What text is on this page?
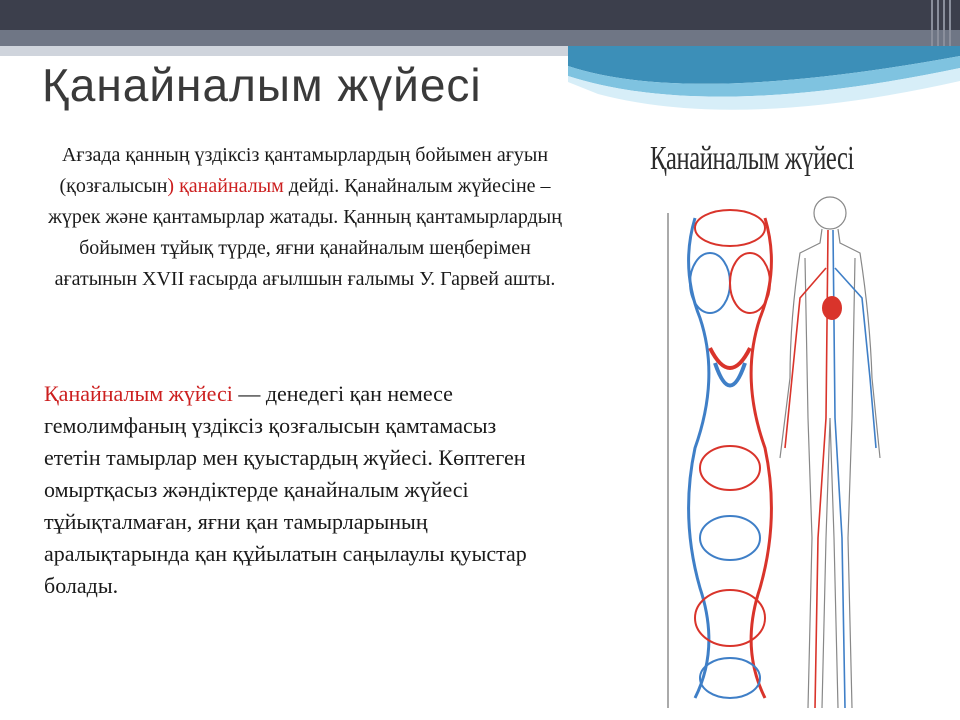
Қанайналым жүйесі

Ағзада қанның үздіксіз қантамырлардың бойымен ағуын (қозғалысын) қанайналым дейді. Қанайналым жүйесіне – жүрек және қантамырлар жатады. Қанның қантамырлардың бойымен тұйық түрде, яғни қанайналым шеңберімен ағатынын XVII ғасырда ағылшын ғалымы У. Гарвей ашты.

Қанайналым жүйесі — денедегі қан немесе гемолимфаның үздіксіз қозғалысын қамтамасыз ететін тамырлар мен қуыстардың жүйесі. Көптеген омыртқасыз жәндіктерде қанайналым жүйесі тұйықталмаған, яғни қан тамырларының аралықтарында қан құйылатын саңылаулы қуыстар болады.

Қанайналым жүйесі
